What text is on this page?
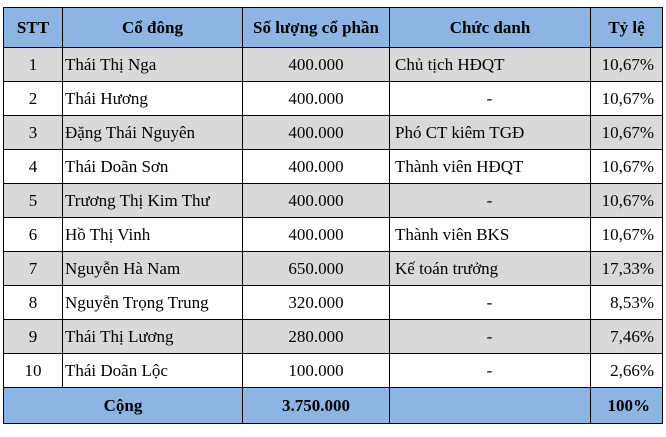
STT	Cổ đông	Số lượng cổ phần	Chức danh	Tỷ lệ
1	Thái Thị Nga	400.000	Chủ tịch HĐQT	10,67%
2	Thái Hương	400.000	-	10,67%
3	Đặng Thái Nguyên	400.000	Phó CT kiêm TGĐ	10,67%
4	Thái Doãn Sơn	400.000	Thành viên HĐQT	10,67%
5	Trương Thị Kim Thư	400.000	-	10,67%
6	Hồ Thị Vinh	400.000	Thành viên BKS	10,67%
7	Nguyễn Hà Nam	650.000	Kế toán trưởng	17,33%
8	Nguyễn Trọng Trung	320.000	-	8,53%
9	Thái Thị Lương	280.000	-	7,46%
10	Thái Doãn Lộc	100.000	-	2,66%
Cộng		3.750.000		100%
